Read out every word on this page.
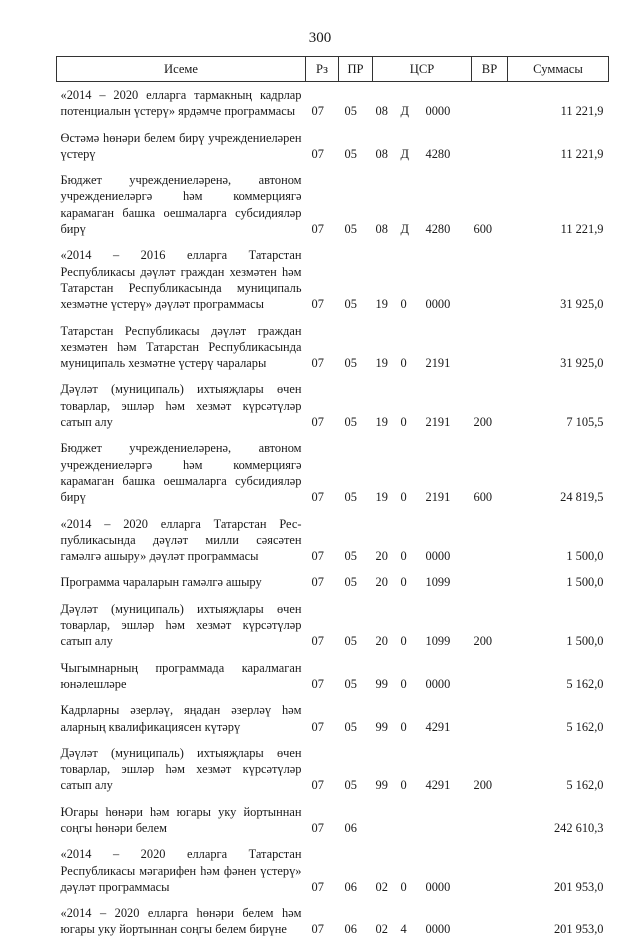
300
Исеме	Рз	ПР	ЦСР			ВР	Суммасы
«2014 – 2020 елларга тармакның кадрлар потенциалын үстерү» ярдәмче программасы	07	05	08	Д	0000		11 221,9
Өстәмә һөнәри белем бирү учреждениеләрен үстерү	07	05	08	Д	4280		11 221,9
Бюджет учреждениеләренә, автоном учреждениеләргә һәм коммерциягә карамаган башка оешмаларга субсидияләр бирү	07	05	08	Д	4280	600	11 221,9
«2014 – 2016 елларга Татарстан Республикасы дәүләт граждан хезмәтен һәм Татарстан Республикасында муниципаль хезмәтне үстерү» дәүләт программасы	07	05	19	0	0000		31 925,0
Татарстан Республикасы дәүләт граждан хезмәтен һәм Татарстан Республикасында муниципаль хезмәтне үстерү чаралары	07	05	19	0	2191		31 925,0
Дәүләт (муниципаль) ихтыяҗлары өчен товарлар, эшләр һәм хезмәт күрсәтүләр сатып алу	07	05	19	0	2191	200	7 105,5
Бюджет учреждениеләренә, автоном учреждениеләргә һәм коммерциягә карамаган башка оешмаларга субсидияләр бирү	07	05	19	0	2191	600	24 819,5
«2014 – 2020 елларга Татарстан Рес-публикасында дәүләт милли сәясәтен гамәлгә ашыру» дәүләт программасы	07	05	20	0	0000		1 500,0
Программа чараларын гамәлгә ашыру	07	05	20	0	1099		1 500,0
Дәүләт (муниципаль) ихтыяҗлары өчен товарлар, эшләр һәм хезмәт күрсәтүләр сатып алу	07	05	20	0	1099	200	1 500,0
Чыгымнарның программада каралмаган юнәлешләре	07	05	99	0	0000		5 162,0
Кадрларны әзерләү, яңадан әзерләү һәм аларның квалификациясен күтәрү	07	05	99	0	4291		5 162,0
Дәүләт (муниципаль) ихтыяҗлары өчен товарлар, эшләр һәм хезмәт күрсәтүләр сатып алу	07	05	99	0	4291	200	5 162,0
Югары һөнәри һәм югары уку йортыннан соңгы һөнәри белем	07	06					242 610,3
«2014 – 2020 елларга Татарстан Республикасы мәгарифен һәм фәнен үстерү» дәүләт программасы	07	06	02	0	0000		201 953,0
«2014 – 2020 елларга һөнәри белем һәм югары уку йортыннан соңгы белем бирүне	07	06	02	4	0000		201 953,0
